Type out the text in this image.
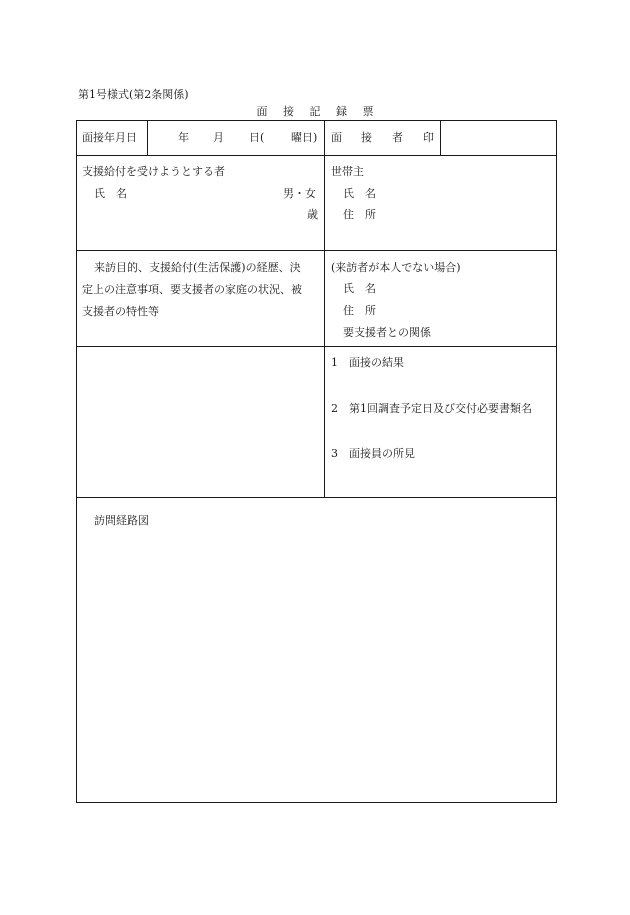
第1号様式(第2条関係)
面 接 記 録 票
面接年月日	年 月 日( 曜日) 面 接 者 印
支援給付を受けようとする者
氏　名	男・女
歳
世帯主
氏　名
住　所
来訪目的、支援給付(生活保護)の経歴、決
定上の注意事項、要支援者の家庭の状況、被
支援者の特性等
(来訪者が本人でない場合)
氏　名
住　所
要支援者との関係
1　面接の結果
2　第1回調査予定日及び交付必要書類名
3　面接員の所見
訪問経路図
